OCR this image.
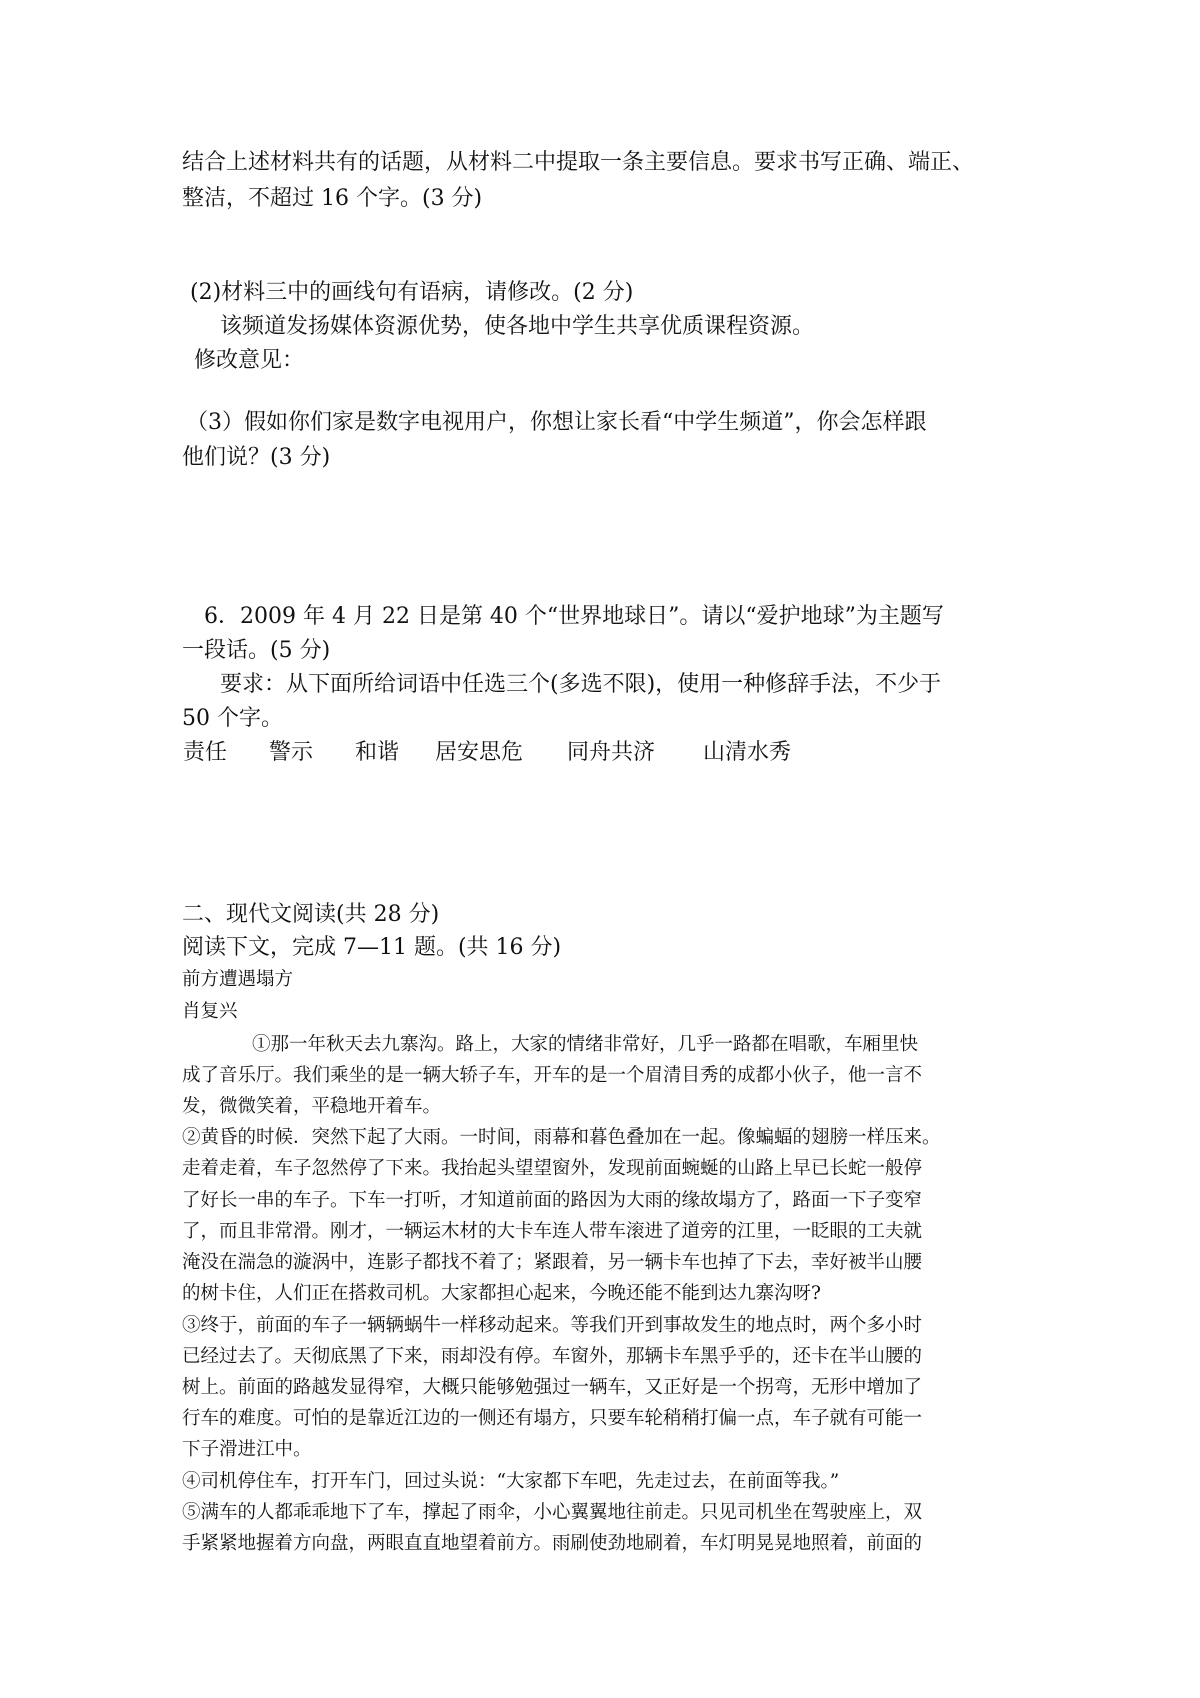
结合上述材料共有的话题，从材料二中提取一条主要信息。要求书写正确、端正、
整洁，不超过 16 个字。(3 分)
(2)材料三中的画线句有语病，请修改。(2 分)
该频道发扬媒体资源优势，使各地中学生共享优质课程资源。
修改意见：
（3）假如你们家是数字电视用户，你想让家长看“中学生频道”，你会怎样跟
他们说？(3 分)
6．2009 年 4 月 22 日是第 40 个“世界地球日”。请以“爱护地球”为主题写
一段话。(5 分)
要求：从下面所给词语中任选三个(多选不限)，使用一种修辞手法，不少于
50 个字。
责任 警示 和谐 居安思危 同舟共济 山清水秀
二、现代文阅读(共 28 分)
阅读下文，完成 7—11 题。(共 16 分)
前方遭遇塌方
肖复兴
①那一年秋天去九寨沟。路上，大家的情绪非常好，几乎一路都在唱歌，车厢里快
成了音乐厅。我们乘坐的是一辆大轿子车，开车的是一个眉清目秀的成都小伙子，他一言不
发，微微笑着，平稳地开着车。
②黄昏的时候．突然下起了大雨。一时间，雨幕和暮色叠加在一起。像蝙蝠的翅膀一样压来。
走着走着，车子忽然停了下来。我抬起头望望窗外，发现前面蜿蜒的山路上早已长蛇一般停
了好长一串的车子。下车一打听，才知道前面的路因为大雨的缘故塌方了，路面一下子变窄
了，而且非常滑。刚才，一辆运木材的大卡车连人带车滚进了道旁的江里，一眨眼的工夫就
淹没在湍急的漩涡中，连影子都找不着了；紧跟着，另一辆卡车也掉了下去，幸好被半山腰
的树卡住，人们正在搭救司机。大家都担心起来，今晚还能不能到达九寨沟呀?
③终于，前面的车子一辆辆蜗牛一样移动起来。等我们开到事故发生的地点时，两个多小时
已经过去了。天彻底黑了下来，雨却没有停。车窗外，那辆卡车黑乎乎的，还卡在半山腰的
树上。前面的路越发显得窄，大概只能够勉强过一辆车，又正好是一个拐弯，无形中增加了
行车的难度。可怕的是靠近江边的一侧还有塌方，只要车轮稍稍打偏一点，车子就有可能一
下子滑进江中。
④司机停住车，打开车门，回过头说：“大家都下车吧，先走过去，在前面等我。”
⑤满车的人都乖乖地下了车，撑起了雨伞，小心翼翼地往前走。只见司机坐在驾驶座上，双
手紧紧地握着方向盘，两眼直直地望着前方。雨刷使劲地刷着，车灯明晃晃地照着，前面的
